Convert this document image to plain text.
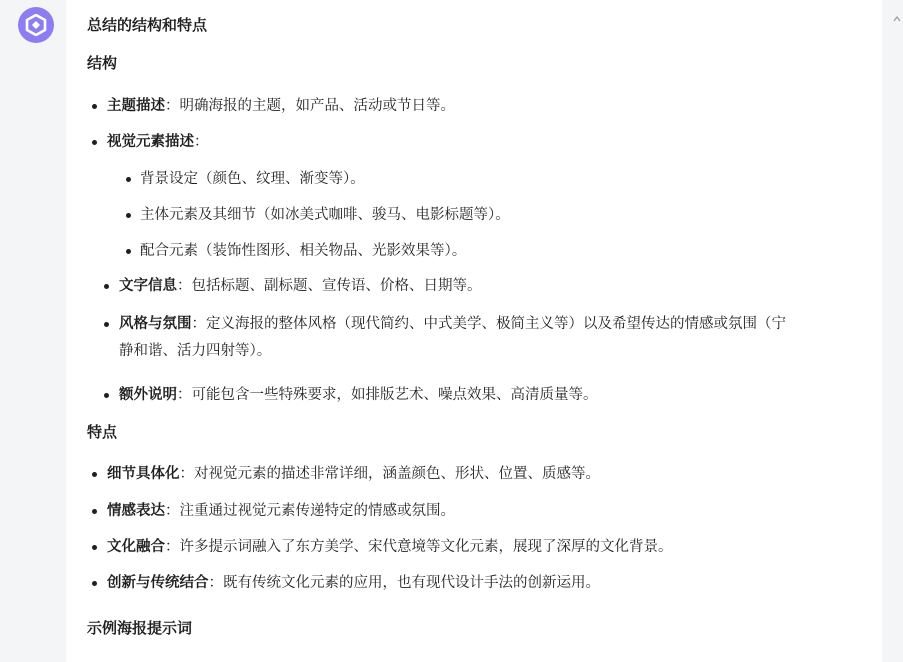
总结的结构和特点
结构
主题描述：明确海报的主题，如产品、活动或节日等。
视觉元素描述：
背景设定（颜色、纹理、渐变等）。
主体元素及其细节（如冰美式咖啡、骏马、电影标题等）。
配合元素（装饰性图形、相关物品、光影效果等）。
文字信息：包括标题、副标题、宣传语、价格、日期等。
风格与氛围：定义海报的整体风格（现代简约、中式美学、极简主义等）以及希望传达的情感或氛围（宁
静和谐、活力四射等）。
额外说明：可能包含一些特殊要求，如排版艺术、噪点效果、高清质量等。
特点
细节具体化：对视觉元素的描述非常详细，涵盖颜色、形状、位置、质感等。
情感表达：注重通过视觉元素传递特定的情感或氛围。
文化融合：许多提示词融入了东方美学、宋代意境等文化元素，展现了深厚的文化背景。
创新与传统结合：既有传统文化元素的应用，也有现代设计手法的创新运用。
示例海报提示词
